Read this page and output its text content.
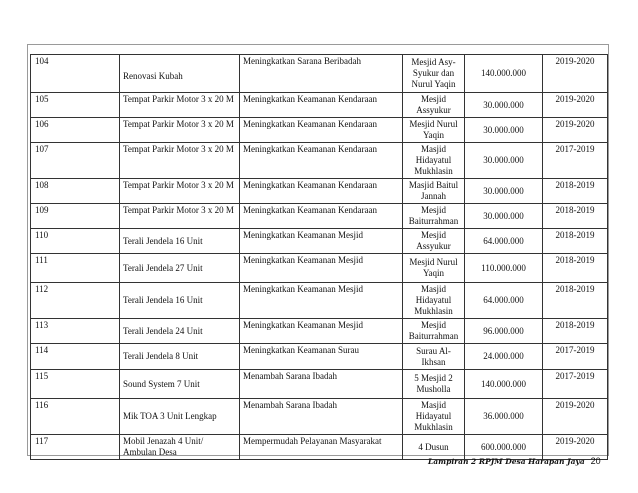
104	Renovasi Kubah	Meningkatkan Sarana Beribadah	Mesjid Asy-Syukur dan Nurul Yaqin	140.000.000	2019-2020
105	Tempat Parkir Motor 3 x 20 M	Meningkatkan Keamanan Kendaraan	Mesjid Assyukur	30.000.000	2019-2020
106	Tempat Parkir Motor 3 x 20 M	Meningkatkan Keamanan Kendaraan	Mesjid Nurul Yaqin	30.000.000	2019-2020
107	Tempat Parkir Motor 3 x 20 M	Meningkatkan Keamanan Kendaraan	Masjid Hidayatul Mukhlasin	30.000.000	2017-2019
108	Tempat Parkir Motor 3 x 20 M	Meningkatkan Keamanan Kendaraan	Masjid Baitul Jannah	30.000.000	2018-2019
109	Tempat Parkir Motor 3 x 20 M	Meningkatkan Keamanan Kendaraan	Mesjid Baiturrahman	30.000.000	2018-2019
110	Terali Jendela 16 Unit	Meningkatkan Keamanan Mesjid	Mesjid Assyukur	64.000.000	2018-2019
111	Terali Jendela 27 Unit	Meningkatkan Keamanan Mesjid	Mesjid Nurul Yaqin	110.000.000	2018-2019
112	Terali Jendela 16 Unit	Meningkatkan Keamanan Mesjid	Masjid Hidayatul Mukhlasin	64.000.000	2018-2019
113	Terali Jendela 24 Unit	Meningkatkan Keamanan Mesjid	Mesjid Baiturrahman	96.000.000	2018-2019
114	Terali Jendela 8 Unit	Meningkatkan Keamanan Surau	Surau Al-Ikhsan	24.000.000	2017-2019
115	Sound System 7 Unit	Menambah Sarana Ibadah	5 Mesjid 2 Musholla	140.000.000	2017-2019
116	Mik TOA 3 Unit Lengkap	Menambah Sarana Ibadah	Masjid Hidayatul Mukhlasin	36.000.000	2019-2020
117	Mobil Jenazah 4 Unit/ Ambulan Desa	Mempermudah Pelayanan Masyarakat	4 Dusun	600.000.000	2019-2020
Lampiran 2 RPJM Desa Harapan Jaya 20
